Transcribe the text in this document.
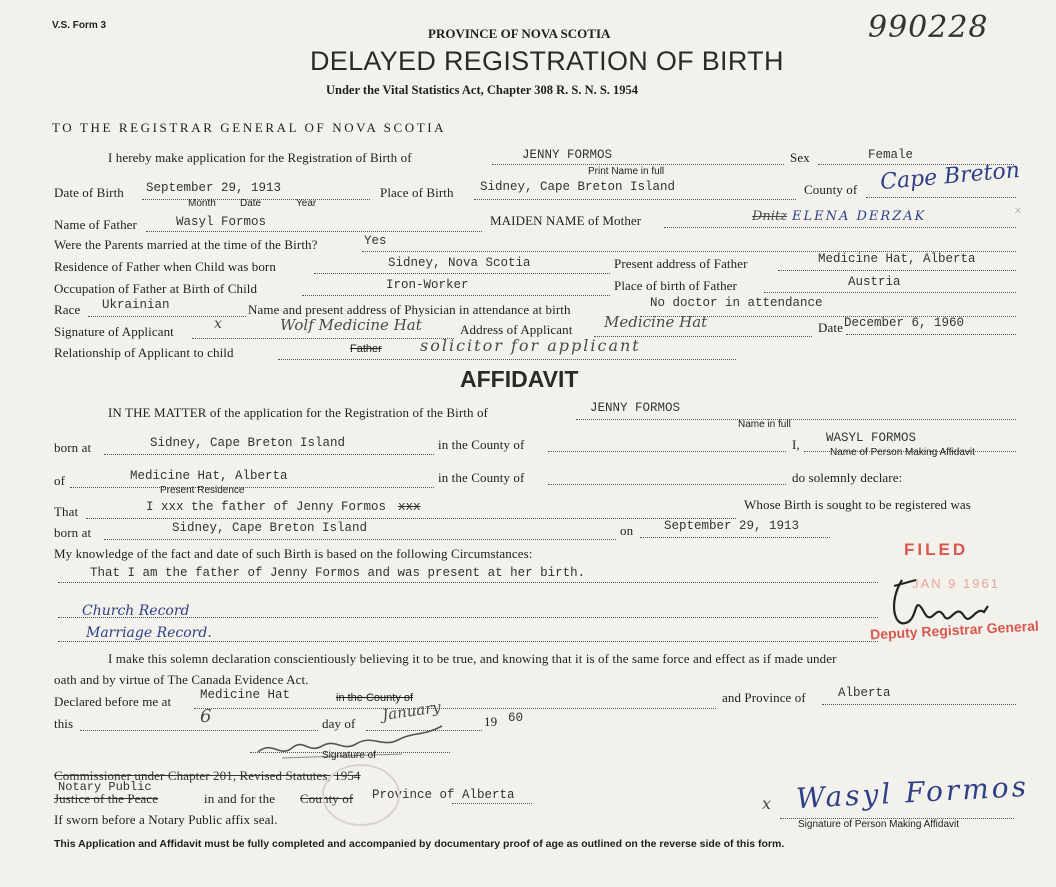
V.S. Form 3	990228
PROVINCE OF NOVA SCOTIA
DELAYED REGISTRATION OF BIRTH
Under the Vital Statistics Act, Chapter 308 R. S. N. S. 1954
TO THE REGISTRAR GENERAL OF NOVA SCOTIA
I hereby make application for the Registration of Birth of	JENNY FORMOS
Print Name in full
Sex	Female
Date of Birth September 29, 1913
Month Date	Year
Place of Birth Sidney, Cape Breton Island	County of Cape Breton
Name of Father	Wasyl Formos	MAIDEN NAME of Mother	Dnitz ELENA DERZAK	×
Were the Parents married at the time of the Birth?	Yes
Residence of Father when Child was born	Sidney, Nova Scotia	Present address of Father	Medicine Hat, Alberta
Occupation of Father at Birth of Child	Iron-Worker	Place of birth of Father	Austria
Race Ukrainian	Name and present address of Physician in attendance at birth	No doctor in attendance
Signature of Applicant	x	Wolf Medicine Hat	Address of Applicant Medicine Hat	Date December 6, 1960
Relationship of Applicant to child	Father solicitor for applicant
AFFIDAVIT
IN THE MATTER of the application for the Registration of the Birth of	JENNY FORMOS
Name in full
born at	Sidney, Cape Breton Island	in the County of	I, WASYL FORMOS
Name of Person Making Affidavit
of	Medicine Hat, Alberta
Present Residence
in the County of	do solemnly declare:
That	I xxx the father of Jenny Formos xxx	Whose Birth is sought to be registered was
born at	Sidney, Cape Breton Island	on September 29, 1913
My knowledge of the fact and date of such Birth is based on the following Circumstances:
That I am the father of Jenny Formos and was present at her birth.
Church Record
Marriage Record.
FILED
JAN 9 1961
Deputy Registrar General
I make this solemn declaration conscientiously believing it to be true, and knowing that it is of the same force and effect as if made under
oath and by virtue of The Canada Evidence Act.
Declared before me at Medicine Hat	in the County of	and Province of	Alberta
this	6	day of January	19 60
Signature of
Commissioner under Chapter 201, Revised Statutes, 1954
Notary Public
Justice of the Peace	in and for the County of Province of Alberta
If sworn before a Notary Public affix seal.
x Wasyl Formos
Signature of Person Making Affidavit
This Application and Affidavit must be fully completed and accompanied by documentary proof of age as outlined on the reverse side of this form.
